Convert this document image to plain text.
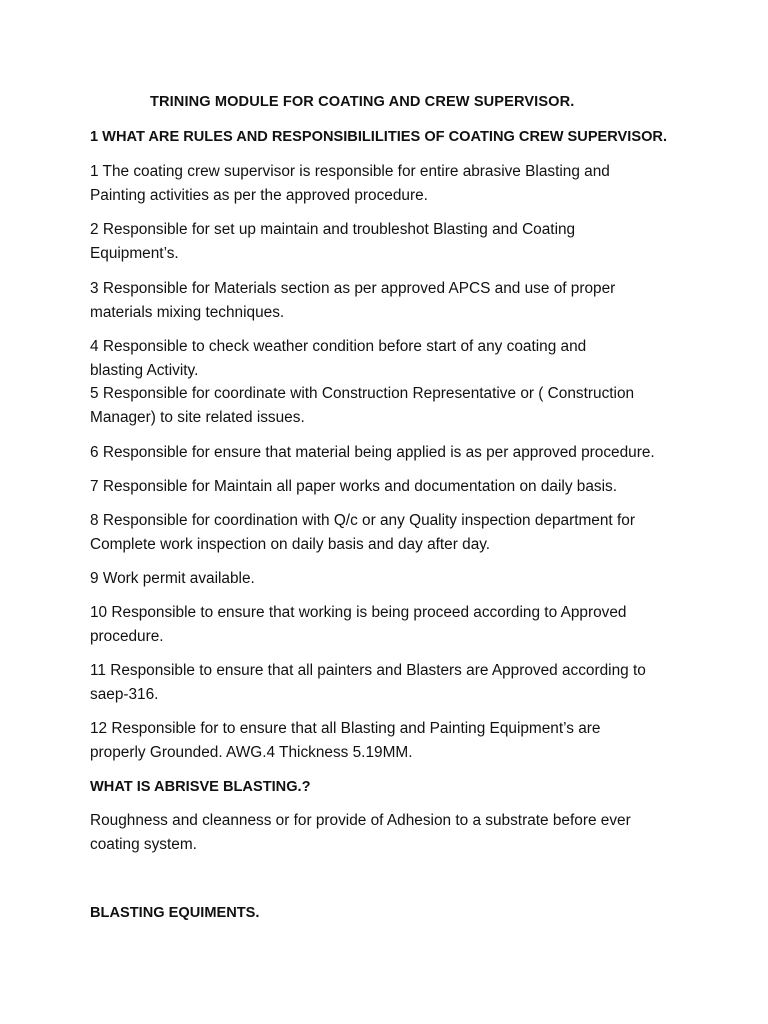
TRINING MODULE FOR COATING AND CREW SUPERVISOR.
1 WHAT ARE RULES AND RESPONSIBILILITIES OF COATING CREW SUPERVISOR.
1 The coating crew supervisor is responsible for entire abrasive Blasting and
Painting activities as per the approved procedure.
2 Responsible for set up maintain and troubleshot Blasting and Coating
Equipment’s.
3 Responsible for Materials section as per approved APCS and use of proper
materials mixing techniques.
4 Responsible to check weather condition before start of any coating and
blasting Activity.
5 Responsible for coordinate with Construction Representative or ( Construction
Manager) to site related issues.
6 Responsible for ensure that material being applied is as per approved procedure.
7 Responsible for Maintain all paper works and documentation on daily basis.
8 Responsible for coordination with Q/c or any Quality inspection department for
Complete work inspection on daily basis and day after day.
9 Work permit available.
10 Responsible to ensure that working is being proceed according to Approved
procedure.
11 Responsible to ensure that all painters and Blasters are Approved according to
saep-316.
12 Responsible for to ensure that all Blasting and Painting Equipment’s are
properly Grounded. AWG.4 Thickness 5.19MM.
WHAT IS ABRISVE BLASTING.?
Roughness and cleanness or for provide of Adhesion to a substrate before ever
coating system.
BLASTING EQUIMENTS.
